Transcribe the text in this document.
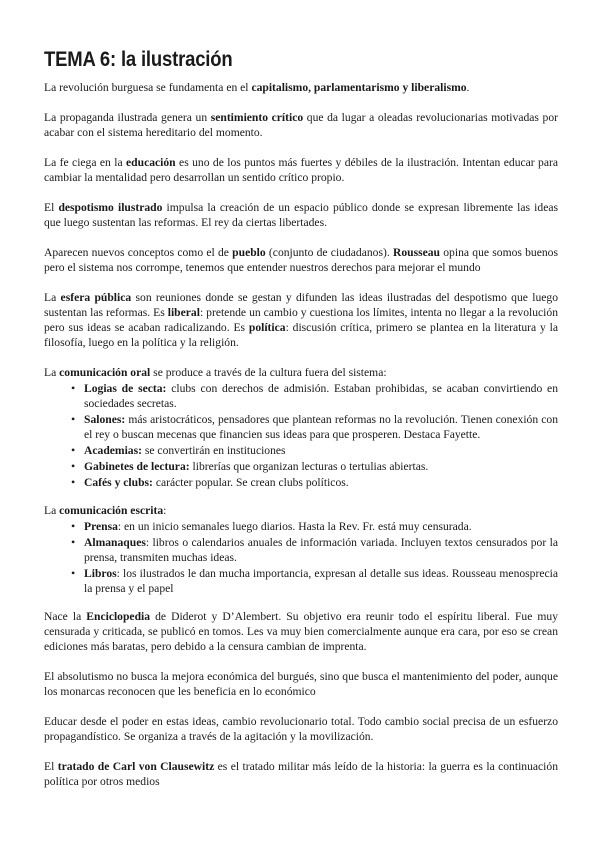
TEMA 6: la ilustración

La revolución burguesa se fundamenta en el capitalismo, parlamentarismo y liberalismo.

La propaganda ilustrada genera un sentimiento crítico que da lugar a oleadas revolucionarias motivadas por acabar con el sistema hereditario del momento.

La fe ciega en la educación es uno de los puntos más fuertes y débiles de la ilustración. Intentan educar para cambiar la mentalidad pero desarrollan un sentido crítico propio.

El despotismo ilustrado impulsa la creación de un espacio público donde se expresan libremente las ideas que luego sustentan las reformas. El rey da ciertas libertades.

Aparecen nuevos conceptos como el de pueblo (conjunto de ciudadanos). Rousseau opina que somos buenos pero el sistema nos corrompe, tenemos que entender nuestros derechos para mejorar el mundo

La esfera pública son reuniones donde se gestan y difunden las ideas ilustradas del despotismo que luego sustentan las reformas. Es liberal: pretende un cambio y cuestiona los límites, intenta no llegar a la revolución pero sus ideas se acaban radicalizando. Es política: discusión crítica, primero se plantea en la literatura y la filosofía, luego en la política y la religión.

La comunicación oral se produce a través de la cultura fuera del sistema:

• Logias de secta: clubs con derechos de admisión. Estaban prohibidas, se acaban convirtiendo en sociedades secretas.
• Salones: más aristocráticos, pensadores que plantean reformas no la revolución. Tienen conexión con el rey o buscan mecenas que financien sus ideas para que prosperen. Destaca Fayette.
• Academias: se convertirán en instituciones
• Gabinetes de lectura: librerías que organizan lecturas o tertulias abiertas.
• Cafés y clubs: carácter popular. Se crean clubs políticos.

La comunicación escrita:

• Prensa: en un inicio semanales luego diarios. Hasta la Rev. Fr. está muy censurada.
• Almanaques: libros o calendarios anuales de información variada. Incluyen textos censurados por la prensa, transmiten muchas ideas.
• Libros: los ilustrados le dan mucha importancia, expresan al detalle sus ideas. Rousseau menosprecia la prensa y el papel

Nace la Enciclopedia de Diderot y D’Alembert. Su objetivo era reunir todo el espíritu liberal. Fue muy censurada y criticada, se publicó en tomos. Les va muy bien comercialmente aunque era cara, por eso se crean ediciones más baratas, pero debido a la censura cambian de imprenta.

El absolutismo no busca la mejora económica del burgués, sino que busca el mantenimiento del poder, aunque los monarcas reconocen que les beneficia en lo económico

Educar desde el poder en estas ideas, cambio revolucionario total. Todo cambio social precisa de un esfuerzo propagandístico. Se organiza a través de la agitación y la movilización.

El tratado de Carl von Clausewitz es el tratado militar más leído de la historia: la guerra es la continuación política por otros medios
